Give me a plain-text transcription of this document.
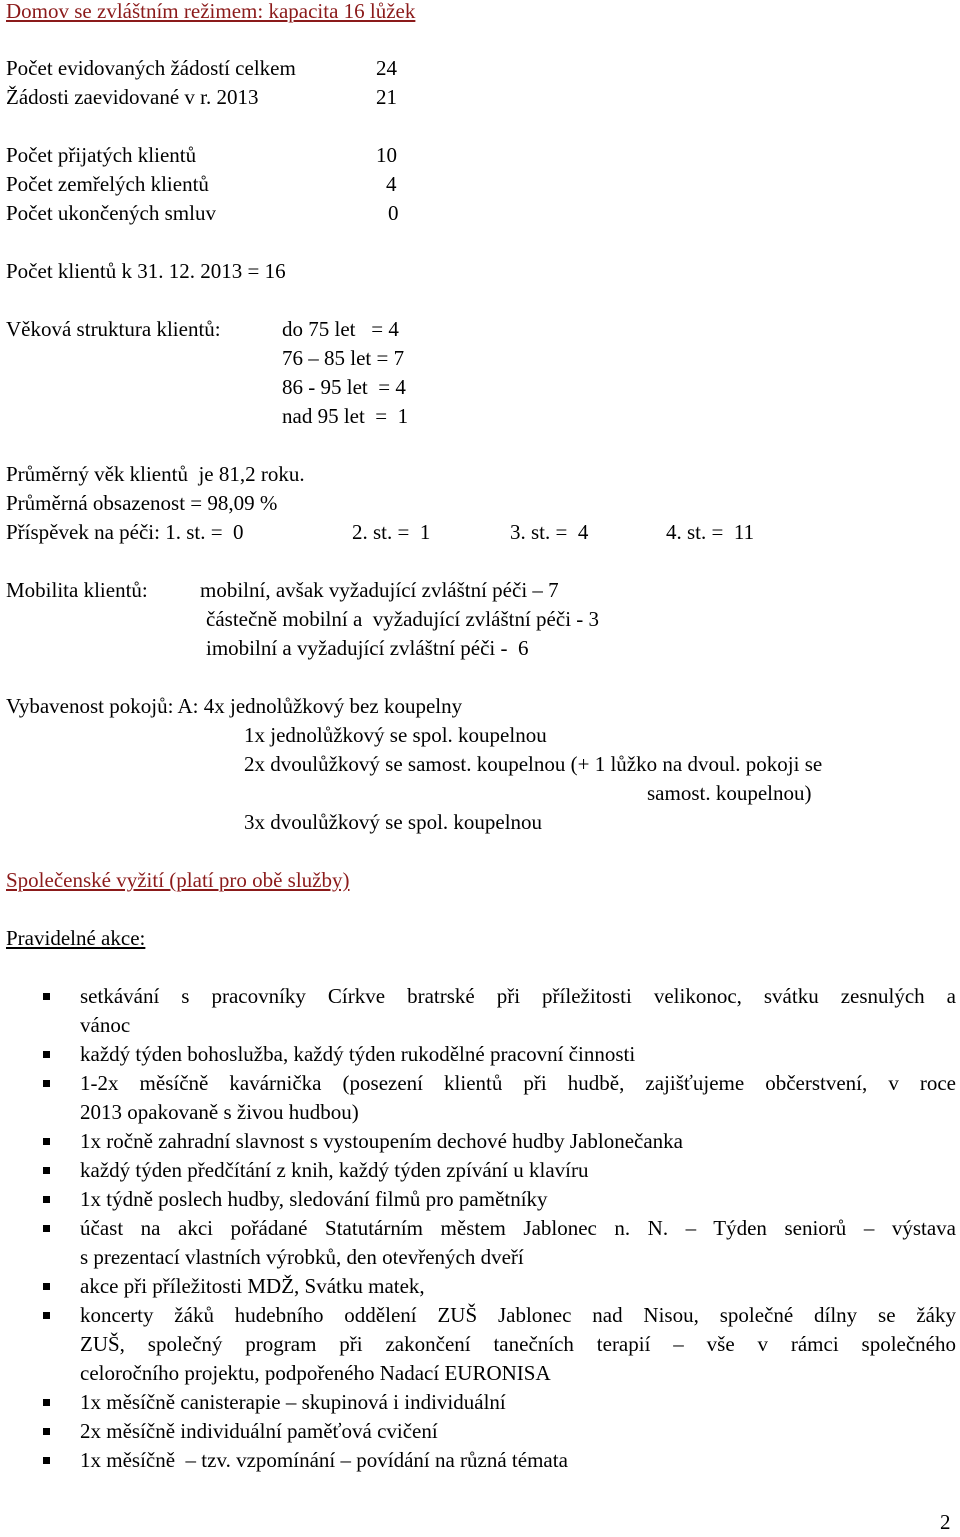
Domov se zvláštním režimem: kapacita 16 lůžek
Počet evidovaných žádostí celkem	24
Žádosti zaevidované v r. 2013	21
Počet přijatých klientů	10
Počet zemřelých klientů	4
Počet ukončených smluv	0
Počet klientů k 31. 12. 2013 = 16
Věková struktura klientů:	do 75 let   = 4
76 – 85 let = 7
86 - 95 let  = 4
nad 95 let  =  1
Průměrný věk klientů  je 81,2 roku.
Průměrná obsazenost = 98,09 %
Příspěvek na péči: 1. st. =  0	2. st. =  1	3. st. =  4	4. st. =  11
Mobilita klientů: mobilní, avšak vyžadující zvláštní péči – 7
částečně mobilní a  vyžadující zvláštní péči - 3
imobilní a vyžadující zvláštní péči -  6
Vybavenost pokojů: A: 4x jednolůžkový bez koupelny
1x jednolůžkový se spol. koupelnou
2x dvoulůžkový se samost. koupelnou (+ 1 lůžko na dvoul. pokoji se
samost. koupelnou)
3x dvoulůžkový se spol. koupelnou
Společenské vyžití (platí pro obě služby)
Pravidelné akce:
setkávání s pracovníky Církve bratrské při příležitosti velikonoc, svátku zesnulých a
vánoc
každý týden bohoslužba, každý týden rukodělné pracovní činnosti
1-2x měsíčně kavárnička (posezení klientů při hudbě, zajišťujeme občerstvení, v roce
2013 opakovaně s živou hudbou)
1x ročně zahradní slavnost s vystoupením dechové hudby Jablonečanka
každý týden předčítání z knih, každý týden zpívání u klavíru
1x týdně poslech hudby, sledování filmů pro pamětníky
účast na akci pořádané Statutárním městem Jablonec n. N. – Týden seniorů – výstava
s prezentací vlastních výrobků, den otevřených dveří
akce při příležitosti MDŽ, Svátku matek,
koncerty žáků hudebního oddělení ZUŠ Jablonec nad Nisou, společné dílny se žáky
ZUŠ, společný program při zakončení tanečních terapií – vše v rámci společného
celoročního projektu, podpořeného Nadací EURONISA
1x měsíčně canisterapie – skupinová i individuální
2x měsíčně individuální paměťová cvičení
1x měsíčně  – tzv. vzpomínání – povídání na různá témata
2
